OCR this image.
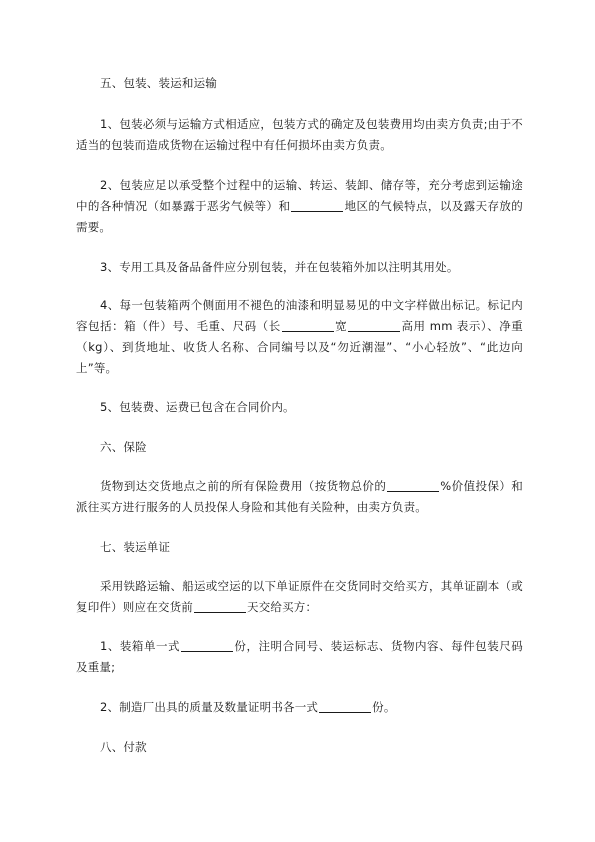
五、包装、装运和运输
1、包装必须与运输方式相适应，包装方式的确定及包装费用均由卖方负责;由于不适当的包装而造成货物在运输过程中有任何损坏由卖方负责。
2、包装应足以承受整个过程中的运输、转运、装卸、储存等，充分考虑到运输途中的各种情况（如暴露于恶劣气候等）和	地区的气候特点，以及露天存放的需要。
3、专用工具及备品备件应分别包装，并在包装箱外加以注明其用处。
4、每一包装箱两个侧面用不褪色的油漆和明显易见的中文字样做出标记。标记内容包括：箱（件）号、毛重、尺码（长	宽	高用 mm 表示）、净重（kg）、到货地址、收货人名称、合同编号以及“勿近潮湿”、“小心轻放”、“此边向上”等。
5、包装费、运费已包含在合同价内。
六、保险
货物到达交货地点之前的所有保险费用（按货物总价的	%价值投保）和派往买方进行服务的人员投保人身险和其他有关险种，由卖方负责。
七、装运单证
采用铁路运输、船运或空运的以下单证原件在交货同时交给买方，其单证副本（或复印件）则应在交货前	天交给买方：
1、装箱单一式	份，注明合同号、装运标志、货物内容、每件包装尺码及重量;
2、制造厂出具的质量及数量证明书各一式	份。
八、付款
